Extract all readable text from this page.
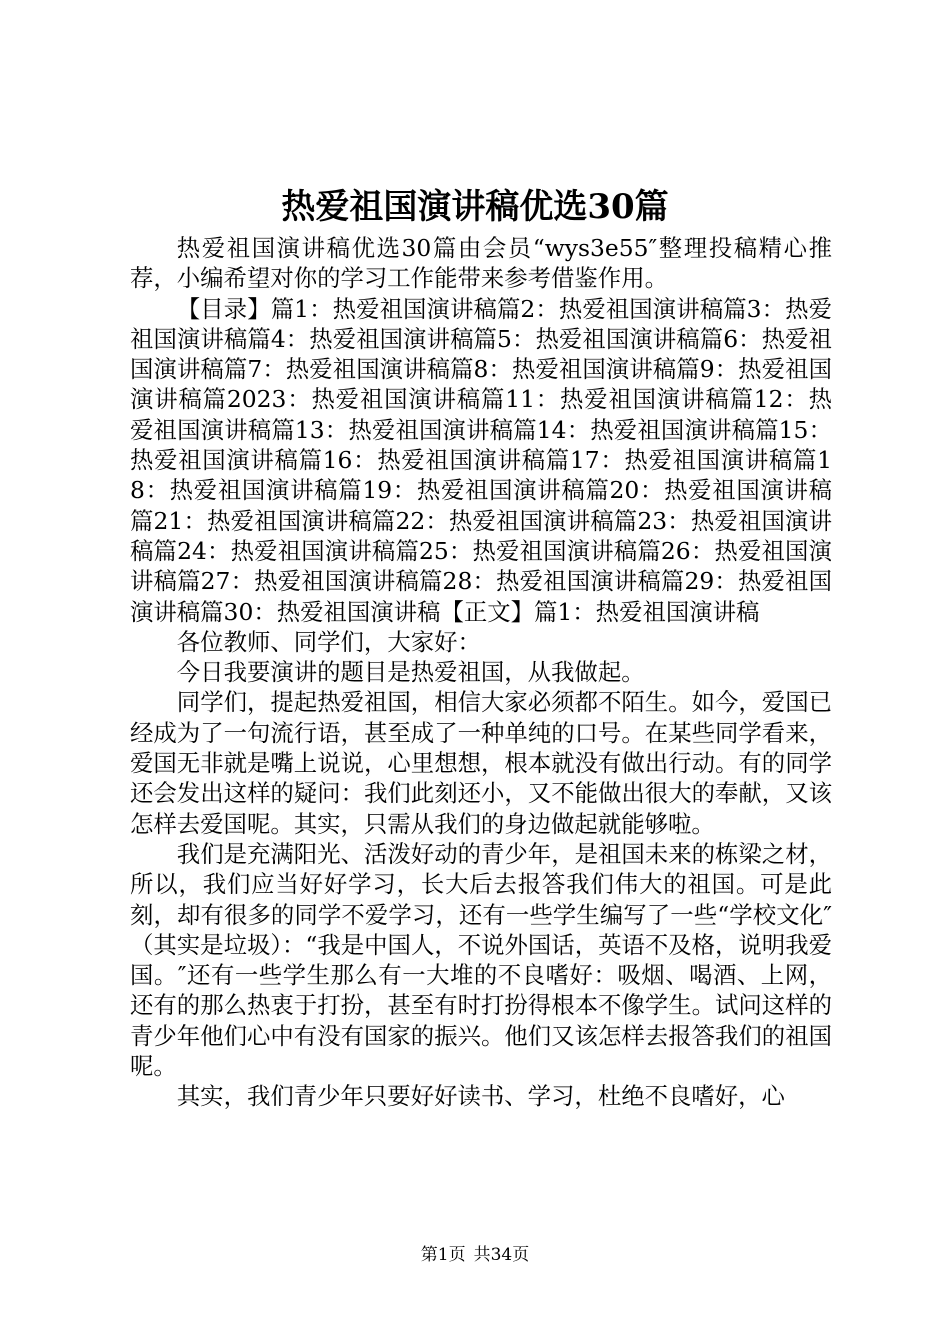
热爱祖国演讲稿优选30篇

热爱祖国演讲稿优选30篇由会员“wys3e55″整理投稿精心推荐，小编希望对你的学习工作能带来参考借鉴作用。

【目录】篇1：热爱祖国演讲稿篇2：热爱祖国演讲稿篇3：热爱祖国演讲稿篇4：热爱祖国演讲稿篇5：热爱祖国演讲稿篇6：热爱祖国演讲稿篇7：热爱祖国演讲稿篇8：热爱祖国演讲稿篇9：热爱祖国演讲稿篇2023：热爱祖国演讲稿篇11：热爱祖国演讲稿篇12：热爱祖国演讲稿篇13：热爱祖国演讲稿篇14：热爱祖国演讲稿篇15：热爱祖国演讲稿篇16：热爱祖国演讲稿篇17：热爱祖国演讲稿篇18：热爱祖国演讲稿篇19：热爱祖国演讲稿篇20：热爱祖国演讲稿篇21：热爱祖国演讲稿篇22：热爱祖国演讲稿篇23：热爱祖国演讲稿篇24：热爱祖国演讲稿篇25：热爱祖国演讲稿篇26：热爱祖国演讲稿篇27：热爱祖国演讲稿篇28：热爱祖国演讲稿篇29：热爱祖国演讲稿篇30：热爱祖国演讲稿【正文】篇1：热爱祖国演讲稿

各位教师、同学们，大家好：

今日我要演讲的题目是热爱祖国，从我做起。

同学们，提起热爱祖国，相信大家必须都不陌生。如今，爱国已经成为了一句流行语，甚至成了一种单纯的口号。在某些同学看来，爱国无非就是嘴上说说，心里想想，根本就没有做出行动。有的同学还会发出这样的疑问：我们此刻还小，又不能做出很大的奉献，又该怎样去爱国呢。其实，只需从我们的身边做起就能够啦。

我们是充满阳光、活泼好动的青少年，是祖国未来的栋梁之材，所以，我们应当好好学习，长大后去报答我们伟大的祖国。可是此刻，却有很多的同学不爱学习，还有一些学生编写了一些“学校文化″（其实是垃圾）：“我是中国人，不说外国话，英语不及格，说明我爱国。″还有一些学生那么有一大堆的不良嗜好：吸烟、喝酒、上网，还有的那么热衷于打扮，甚至有时打扮得根本不像学生。试问这样的青少年他们心中有没有国家的振兴。他们又该怎样去报答我们的祖国呢。

其实，我们青少年只要好好读书、学习，杜绝不良嗜好，心

第1页 共34页
